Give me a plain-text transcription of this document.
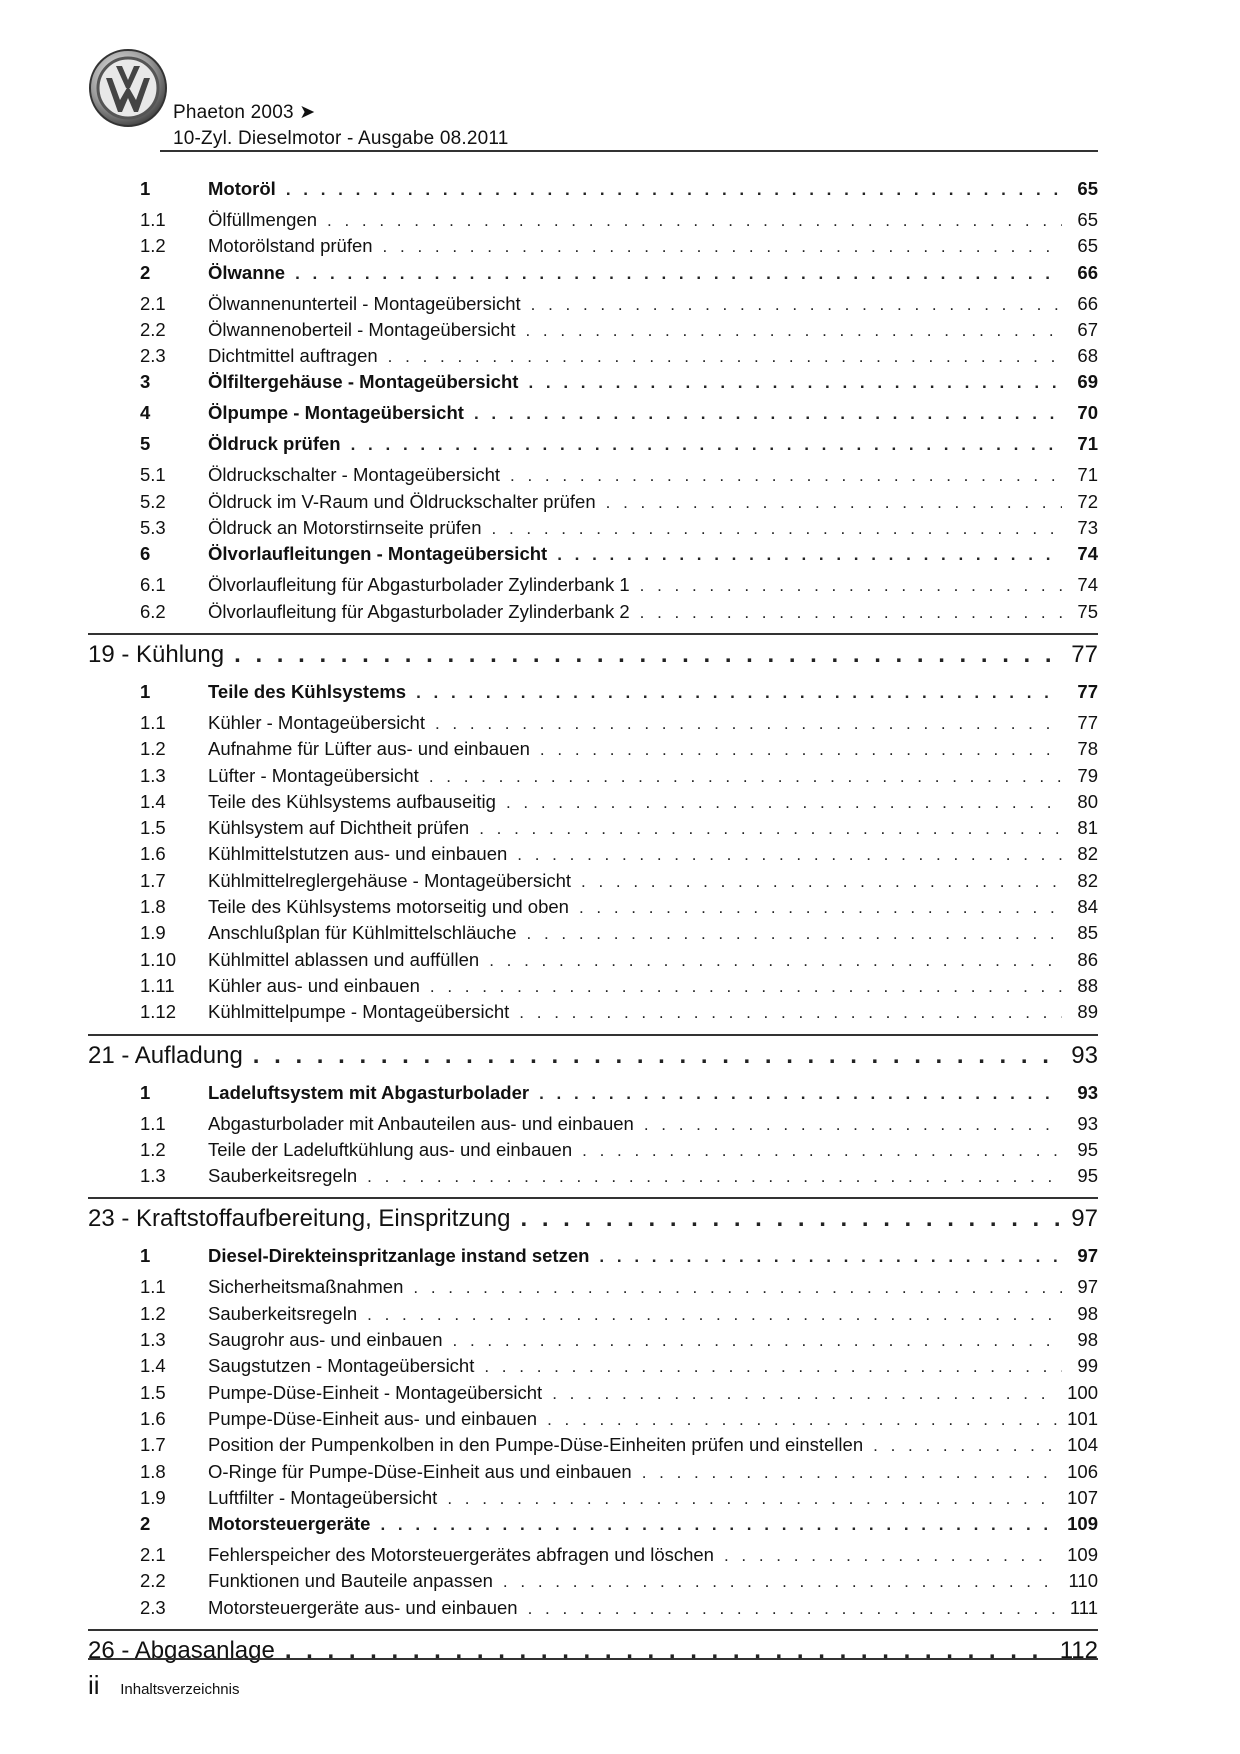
Phaeton 2003 ➤
10-Zyl. Dieselmotor - Ausgabe 08.2011
1	Motoröl . . .	65
1.1	Ölfüllmengen . . .	65
1.2	Motorölstand prüfen . . .	65
2	Ölwanne . . .	66
2.1	Ölwannenunterteil - Montageübersicht . . .	66
2.2	Ölwannenoberteil - Montageübersicht . . .	67
2.3	Dichtmittel auftragen . . .	68
3	Ölfiltergehäuse - Montageübersicht . . .	69
4	Ölpumpe - Montageübersicht . . .	70
5	Öldruck prüfen . . .	71
5.1	Öldruckschalter - Montageübersicht . . .	71
5.2	Öldruck im V-Raum und Öldruckschalter prüfen . . .	72
5.3	Öldruck an Motorstirnseite prüfen . . .	73
6	Ölvorlaufleitungen - Montageübersicht . . .	74
6.1	Ölvorlaufleitung für Abgasturbolader Zylinderbank 1 . . .	74
6.2	Ölvorlaufleitung für Abgasturbolader Zylinderbank 2 . . .	75
19 - Kühlung . . .	77
1	Teile des Kühlsystems . . .	77
1.1	Kühler - Montageübersicht . . .	77
1.2	Aufnahme für Lüfter aus- und einbauen . . .	78
1.3	Lüfter - Montageübersicht . . .	79
1.4	Teile des Kühlsystems aufbauseitig . . .	80
1.5	Kühlsystem auf Dichtheit prüfen . . .	81
1.6	Kühlmittelstutzen aus- und einbauen . . .	82
1.7	Kühlmittelreglergehäuse - Montageübersicht . . .	82
1.8	Teile des Kühlsystems motorseitig und oben . . .	84
1.9	Anschlußplan für Kühlmittelschläuche . . .	85
1.10	Kühlmittel ablassen und auffüllen . . .	86
1.11	Kühler aus- und einbauen . . .	88
1.12	Kühlmittelpumpe - Montageübersicht . . .	89
21 - Aufladung . . .	93
1	Ladeluftsystem mit Abgasturbolader . . .	93
1.1	Abgasturbolader mit Anbauteilen aus- und einbauen . . .	93
1.2	Teile der Ladeluftkühlung aus- und einbauen . . .	95
1.3	Sauberkeitsregeln . . .	95
23 - Kraftstoffaufbereitung, Einspritzung . . .	97
1	Diesel-Direkteinspritzanlage instand setzen . . .	97
1.1	Sicherheitsmaßnahmen . . .	97
1.2	Sauberkeitsregeln . . .	98
1.3	Saugrohr aus- und einbauen . . .	98
1.4	Saugstutzen - Montageübersicht . . .	99
1.5	Pumpe-Düse-Einheit - Montageübersicht . . .	100
1.6	Pumpe-Düse-Einheit aus- und einbauen . . .	101
1.7	Position der Pumpenkolben in den Pumpe-Düse-Einheiten prüfen und einstellen . . .	104
1.8	O-Ringe für Pumpe-Düse-Einheit aus und einbauen . . .	106
1.9	Luftfilter - Montageübersicht . . .	107
2	Motorsteuergeräte . . .	109
2.1	Fehlerspeicher des Motorsteuergerätes abfragen und löschen . . .	109
2.2	Funktionen und Bauteile anpassen . . .	110
2.3	Motorsteuergeräte aus- und einbauen . . .	111
26 - Abgasanlage . . .	112
ii Inhaltsverzeichnis
